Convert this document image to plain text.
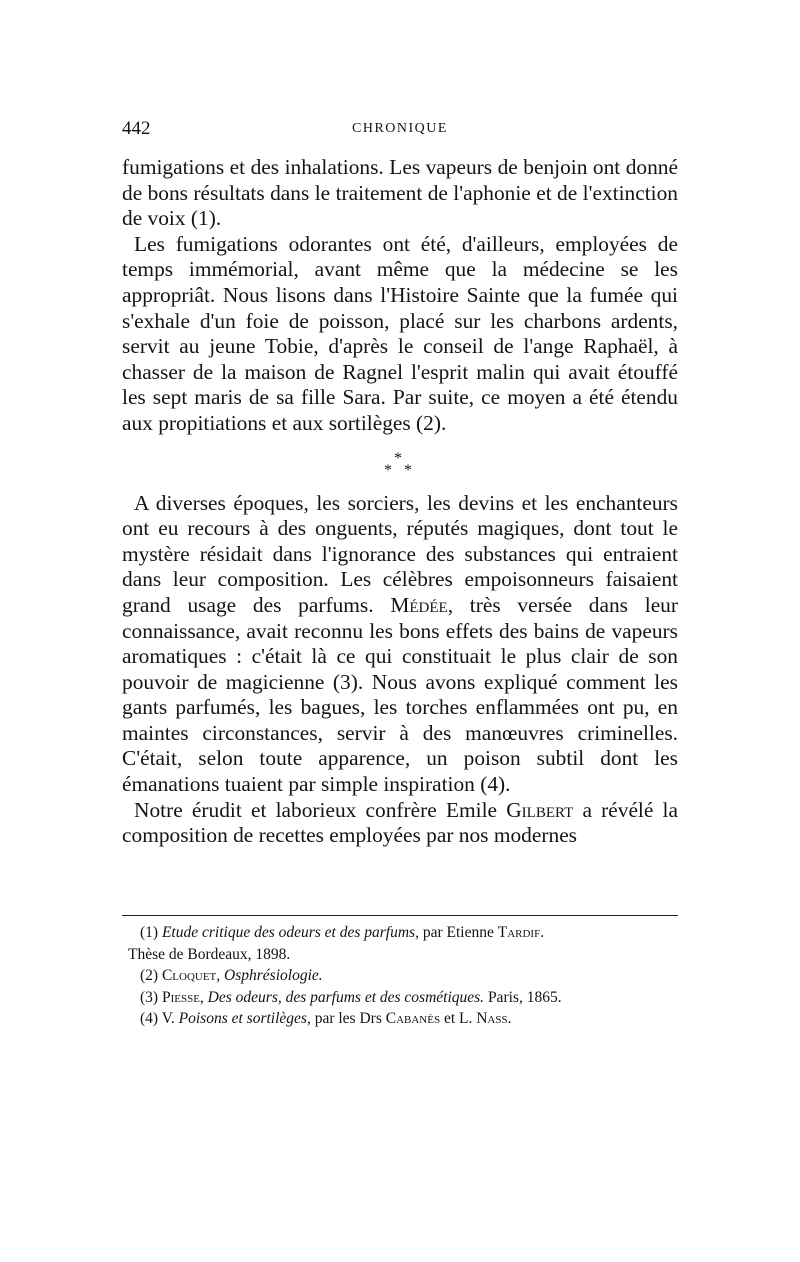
442	CHRONIQUE

fumigations et des inhalations. Les vapeurs de benjoin ont donné de bons résultats dans le traitement de l'aphonie et de l'extinction de voix (1).

Les fumigations odorantes ont été, d'ailleurs, employées de temps immémorial, avant même que la médecine se les appropriât. Nous lisons dans l'Histoire Sainte que la fumée qui s'exhale d'un foie de poisson, placé sur les charbons ardents, servit au jeune Tobie, d'après le conseil de l'ange Raphaël, à chasser de la maison de Ragnel l'esprit malin qui avait étouffé les sept maris de sa fille Sara. Par suite, ce moyen a été étendu aux propitiations et aux sortilèges (2).

*
* *

A diverses époques, les sorciers, les devins et les enchanteurs ont eu recours à des onguents, réputés magiques, dont tout le mystère résidait dans l'ignorance des substances qui entraient dans leur composition. Les célèbres empoisonneurs faisaient grand usage des parfums. Médée, très versée dans leur connaissance, avait reconnu les bons effets des bains de vapeurs aromatiques : c'était là ce qui constituait le plus clair de son pouvoir de magicienne (3). Nous avons expliqué comment les gants parfumés, les bagues, les torches enflammées ont pu, en maintes circonstances, servir à des manœuvres criminelles. C'était, selon toute apparence, un poison subtil dont les émanations tuaient par simple inspiration (4).

Notre érudit et laborieux confrère Emile Gilbert a révélé la composition de recettes employées par nos modernes

(1) Etude critique des odeurs et des parfums, par Etienne Tardif.
Thèse de Bordeaux, 1898.
(2) Cloquet, Osphrésiologie.
(3) Piesse, Des odeurs, des parfums et des cosmétiques. Paris, 1865.
(4) V. Poisons et sortilèges, par les Drs Cabanès et L. Nass.
